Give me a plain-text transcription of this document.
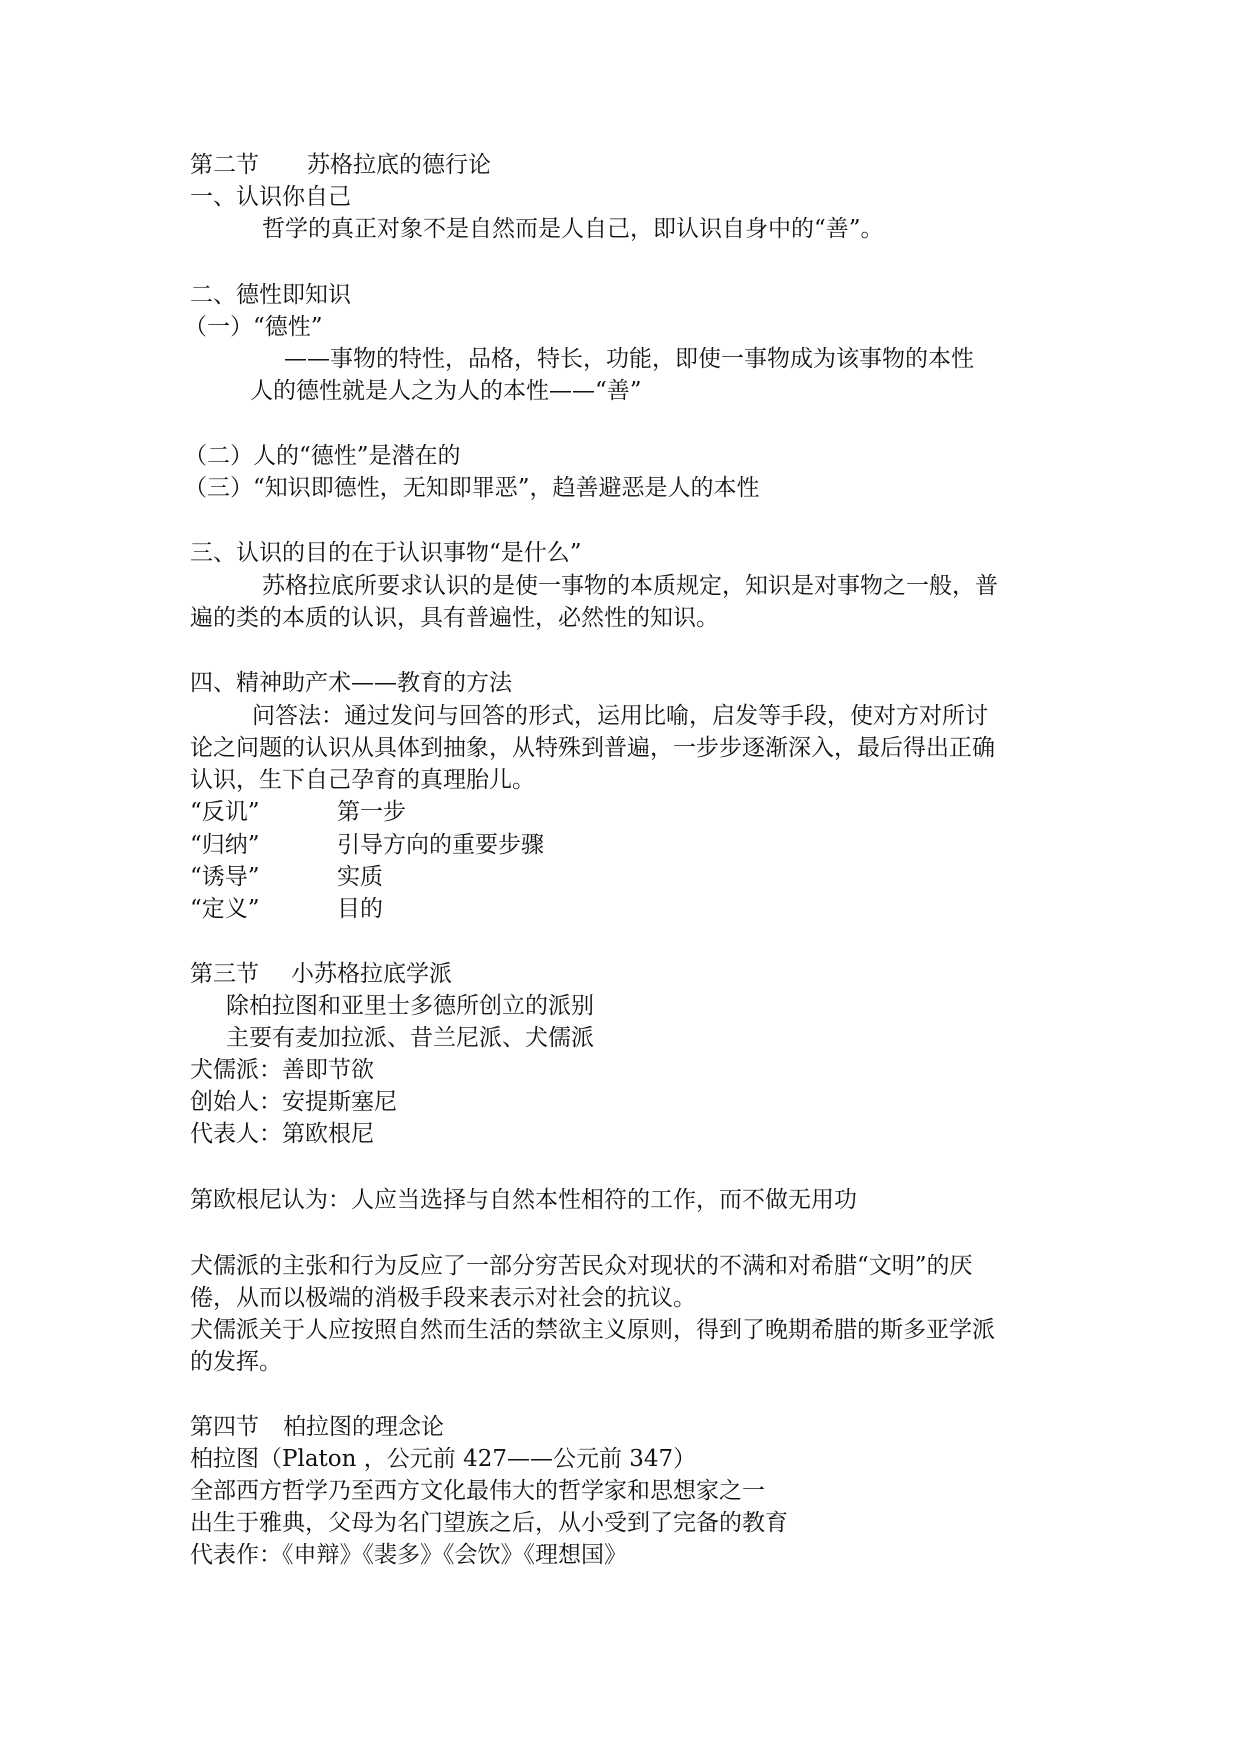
第二节 苏格拉底的德行论
一、认识你自己
哲学的真正对象不是自然而是人自己，即认识自身中的“善”。
二、德性即知识
（一）“德性”
——事物的特性，品格，特长，功能，即使一事物成为该事物的本性
人的德性就是人之为人的本性——“善”
（二）人的“德性”是潜在的
（三）“知识即德性，无知即罪恶”，趋善避恶是人的本性
三、认识的目的在于认识事物“是什么”
苏格拉底所要求认识的是使一事物的本质规定，知识是对事物之一般，普
遍的类的本质的认识，具有普遍性，必然性的知识。
四、精神助产术——教育的方法
问答法：通过发问与回答的形式，运用比喻，启发等手段，使对方对所讨
论之问题的认识从具体到抽象，从特殊到普遍，一步步逐渐深入，最后得出正确
认识，生下自己孕育的真理胎儿。
“反讥”	第一步
“归纳”	引导方向的重要步骤
“诱导”	实质
“定义”	目的
第三节 小苏格拉底学派
除柏拉图和亚里士多德所创立的派别
主要有麦加拉派、昔兰尼派、犬儒派
犬儒派：善即节欲
创始人：安提斯塞尼
代表人：第欧根尼
第欧根尼认为：人应当选择与自然本性相符的工作，而不做无用功
犬儒派的主张和行为反应了一部分穷苦民众对现状的不满和对希腊“文明”的厌
倦，从而以极端的消极手段来表示对社会的抗议。
犬儒派关于人应按照自然而生活的禁欲主义原则，得到了晚期希腊的斯多亚学派
的发挥。
第四节 柏拉图的理念论
柏拉图（Platon ，公元前 427——公元前 347）
全部西方哲学乃至西方文化最伟大的哲学家和思想家之一
出生于雅典，父母为名门望族之后，从小受到了完备的教育
代表作：《申辩》《裴多》《会饮》《理想国》
